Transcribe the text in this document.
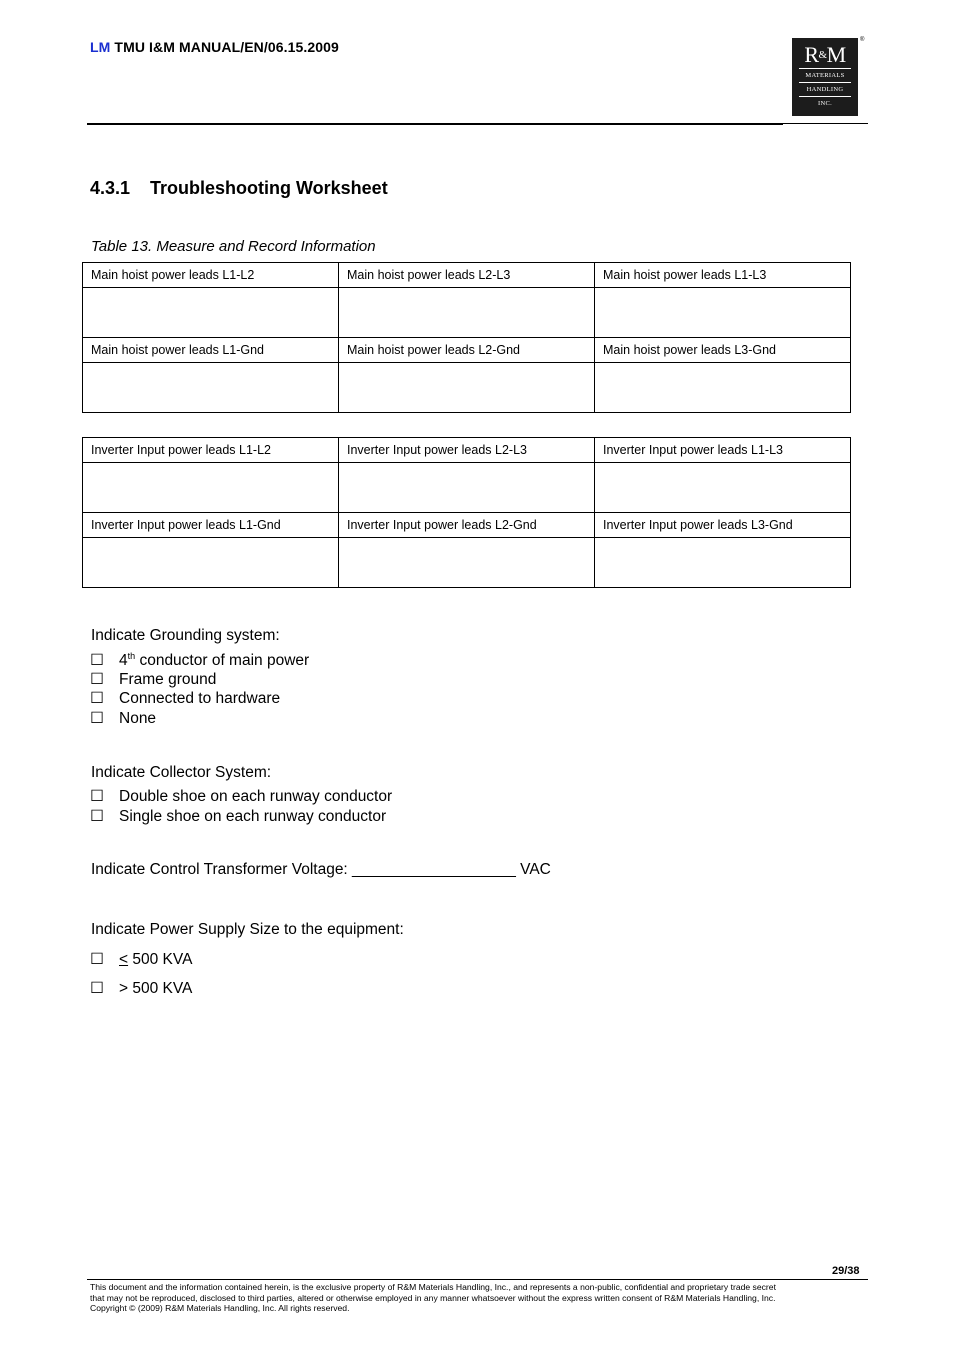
LM TMU I&M MANUAL/EN/06.15.2009	R&M
MATERIALS
HANDLING
INC.
®
4.3.1 Troubleshooting Worksheet
Table 13. Measure and Record Information
Main hoist power leads L1-L2	Main hoist power leads L2-L3	Main hoist power leads L1-L3

Main hoist power leads L1-Gnd	Main hoist power leads L2-Gnd	Main hoist power leads L3-Gnd

Inverter Input power leads L1-L2	Inverter Input power leads L2-L3	Inverter Input power leads L1-L3

Inverter Input power leads L1-Gnd	Inverter Input power leads L2-Gnd	Inverter Input power leads L3-Gnd

Indicate Grounding system:
☐ 4th conductor of main power
☐ Frame ground
☐ Connected to hardware
☐ None
Indicate Collector System:
☐ Double shoe on each runway conductor
☐ Single shoe on each runway conductor
Indicate Control Transformer Voltage: ___________________ VAC
Indicate Power Supply Size to the equipment:
☐ < 500 KVA
☐ > 500 KVA
29/38
This document and the information contained herein, is the exclusive property of R&M Materials Handling, Inc., and represents a non-public, confidential and proprietary trade secret
that may not be reproduced, disclosed to third parties, altered or otherwise employed in any manner whatsoever without the express written consent of R&M Materials Handling, Inc.
Copyright © (2009) R&M Materials Handling, Inc. All rights reserved.
